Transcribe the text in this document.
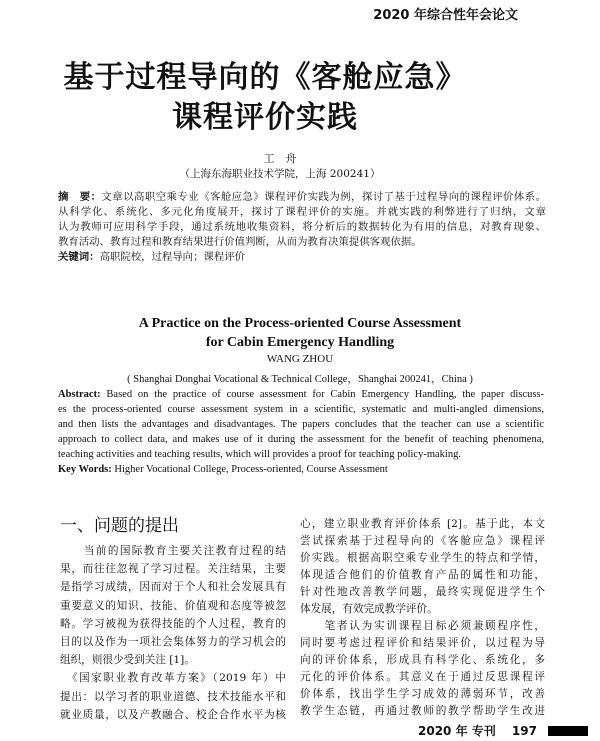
2020 年综合性年会论文
基于过程导向的《客舱应急》
课程评价实践
工　舟
（上海东海职业技术学院，上海 200241）
摘　要：文章以高职空乘专业《客舱应急》课程评价实践为例，探讨了基于过程导向的课程评价体系。
从科学化、系统化、多元化角度展开，探讨了课程评价的实施。并就实践的利弊进行了归纳，文章
认为教师可应用科学手段，通过系统地收集资料，将分析后的数据转化为有用的信息，对教育现象、
教育活动、教育过程和教育结果进行价值判断，从而为教育决策提供客观依据。
关键词：高职院校，过程导向；课程评价
A Practice on the Process-oriented Course Assessment
for Cabin Emergency Handling
WANG ZHOU
( Shanghai Donghai Vocational & Technical College，Shanghai 200241，China )
Abstract: Based on the practice of course assessment for Cabin Emergency Handling, the paper discuss-
es the process-oriented course assessment system in a scientific, systematic and multi-angled dimensions,
and then lists the advantages and disadvantages. The papers concludes that the teacher can use a scientific
approach to collect data, and makes use of it during the assessment for the benefit of teaching phenomena,
teaching activities and teaching results, which will provides a proof for teaching policy-making.
Key Words: Higher Vocational College, Process-oriented, Course Assessment
一、问题的提出
　　当前的国际教育主要关注教育过程的结
果，而往往忽视了学习过程。关注结果，主要
是指学习成绩，因而对于个人和社会发展具有
重要意义的知识、技能、价值观和态度等被忽
略。学习被视为获得技能的个人过程，教育的
目的以及作为一项社会集体努力的学习机会的
组织，则很少受到关注 [1]。
　《国家职业教育改革方案》（2019 年）中
提出：以学习者的职业道德、技术技能水平和
就业质量，以及产教融合、校企合作水平为核
心，建立职业教育评价体系 [2]。基于此，本文
尝试探索基于过程导向的《客舱应急》课程评
价实践。根据高职空乘专业学生的特点和学情，
体现适合他们的价值教育产品的属性和功能，
针对性地改善教学问题，最终实现促进学生个
体发展，有效完成教学评价。
　　笔者认为实训课程目标必须兼顾程序性，
同时要考虑过程评价和结果评价，以过程为导
向的评价体系，形成具有科学化、系统化，多
元化的评价体系。其意义在于通过反思课程评
价体系，找出学生学习成效的薄弱环节，改善
教学生态链，再通过教师的教学帮助学生改进
2020 年 专刊　 197
